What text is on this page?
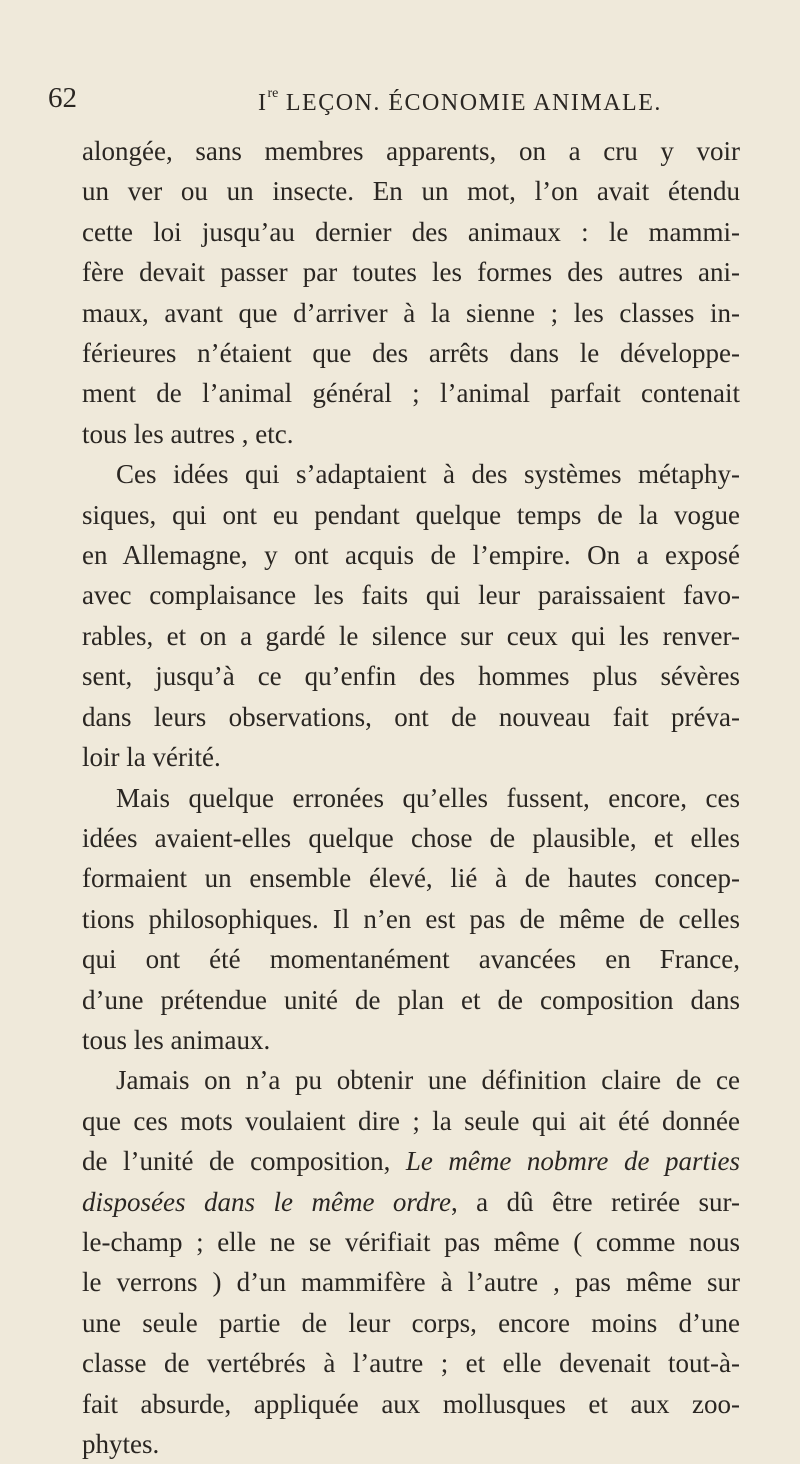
62	Ire LEÇON. ÉCONOMIE ANIMALE.

alongée, sans membres apparents, on a cru y voir
un ver ou un insecte. En un mot, l’on avait étendu
cette loi jusqu’au dernier des animaux : le mammi-
fère devait passer par toutes les formes des autres ani-
maux, avant que d’arriver à la sienne ; les classes in-
férieures n’étaient que des arrêts dans le développe-
ment de l’animal général ; l’animal parfait contenait
tous les autres , etc.

Ces idées qui s’adaptaient à des systèmes métaphy-
siques, qui ont eu pendant quelque temps de la vogue
en Allemagne, y ont acquis de l’empire. On a exposé
avec complaisance les faits qui leur paraissaient favo-
rables, et on a gardé le silence sur ceux qui les renver-
sent, jusqu’à ce qu’enfin des hommes plus sévères
dans leurs observations, ont de nouveau fait préva-
loir la vérité.

Mais quelque erronées qu’elles fussent, encore, ces
idées avaient-elles quelque chose de plausible, et elles
formaient un ensemble élevé, lié à de hautes concep-
tions philosophiques. Il n’en est pas de même de celles
qui ont été momentanément avancées en France,
d’une prétendue unité de plan et de composition dans
tous les animaux.

Jamais on n’a pu obtenir une définition claire de ce
que ces mots voulaient dire ; la seule qui ait été donnée
de l’unité de composition, Le même nobmre de parties
disposées dans le même ordre, a dû être retirée sur-
le-champ ; elle ne se vérifiait pas même ( comme nous
le verrons ) d’un mammifère à l’autre , pas même sur
une seule partie de leur corps, encore moins d’une
classe de vertébrés à l’autre ; et elle devenait tout-à-
fait absurde, appliquée aux mollusques et aux zoo-
phytes.
